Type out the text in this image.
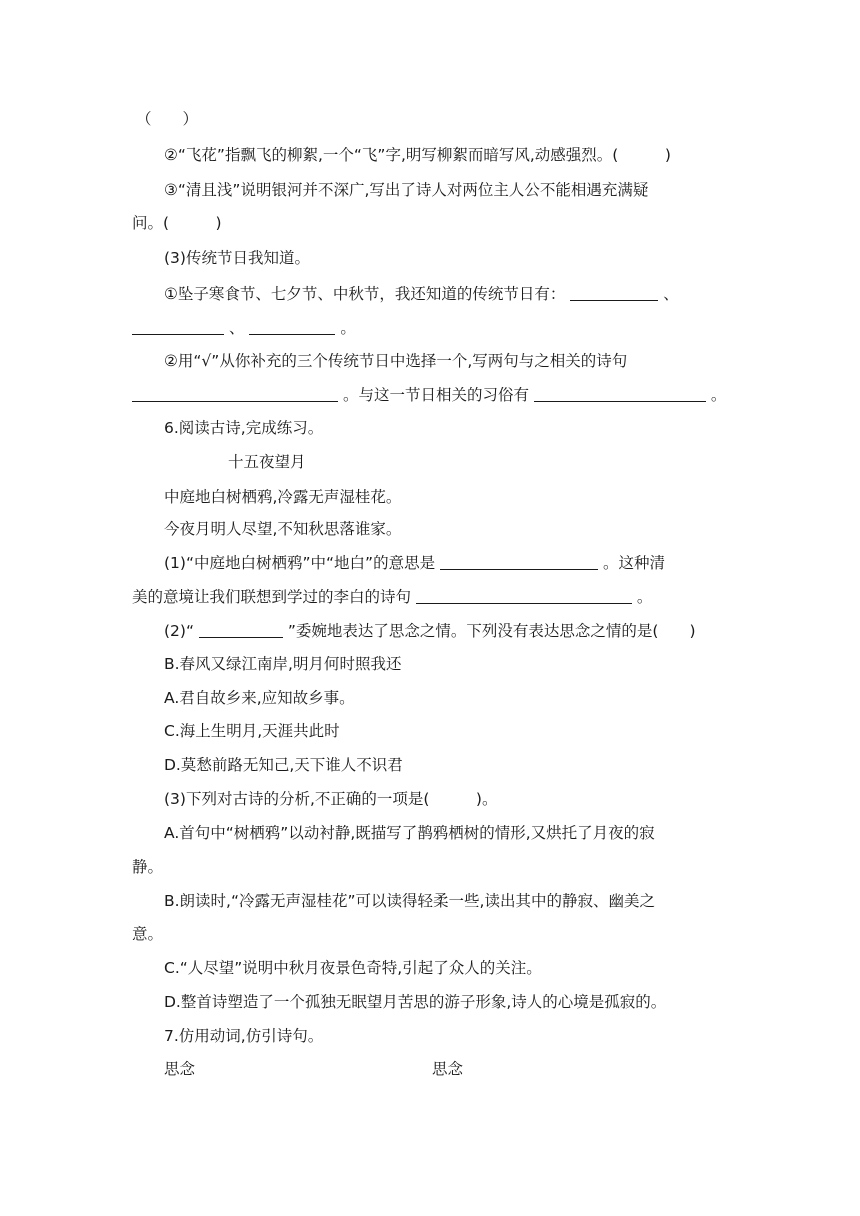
（　　）
②“飞花”指飘飞的柳絮,一个“飞”字,明写柳絮而暗写风,动感强烈。(　　　)
③“清且浅”说明银河并不深广,写出了诗人对两位主人公不能相遇充满疑
问。(　　　)
(3)传统节日我知道。
①坠子寒食节、七夕节、中秋节，我还知道的传统节日有：	、
、	。
②用“√”从你补充的三个传统节日中选择一个,写两句与之相关的诗句
。与这一节日相关的习俗有	。
6.阅读古诗,完成练习。
十五夜望月
中庭地白树栖鸦,冷露无声湿桂花。
今夜月明人尽望,不知秋思落谁家。
(1)“中庭地白树栖鸦”中“地白”的意思是	。这种清
美的意境让我们联想到学过的李白的诗句	。
(2)“	”委婉地表达了思念之情。下列没有表达思念之情的是(　　)
B.春风又绿江南岸,明月何时照我还
A.君自故乡来,应知故乡事。
C.海上生明月,天涯共此时
D.莫愁前路无知己,天下谁人不识君
(3)下列对古诗的分析,不正确的一项是(　　　)。
A.首句中“树栖鸦”以动衬静,既描写了鹊鸦栖树的情形,又烘托了月夜的寂
静。
B.朗读时,“冷露无声湿桂花”可以读得轻柔一些,读出其中的静寂、幽美之
意。
C.“人尽望”说明中秋月夜景色奇特,引起了众人的关注。
D.整首诗塑造了一个孤独无眠望月苦思的游子形象,诗人的心境是孤寂的。
7.仿用动词,仿引诗句。
思念	思念
